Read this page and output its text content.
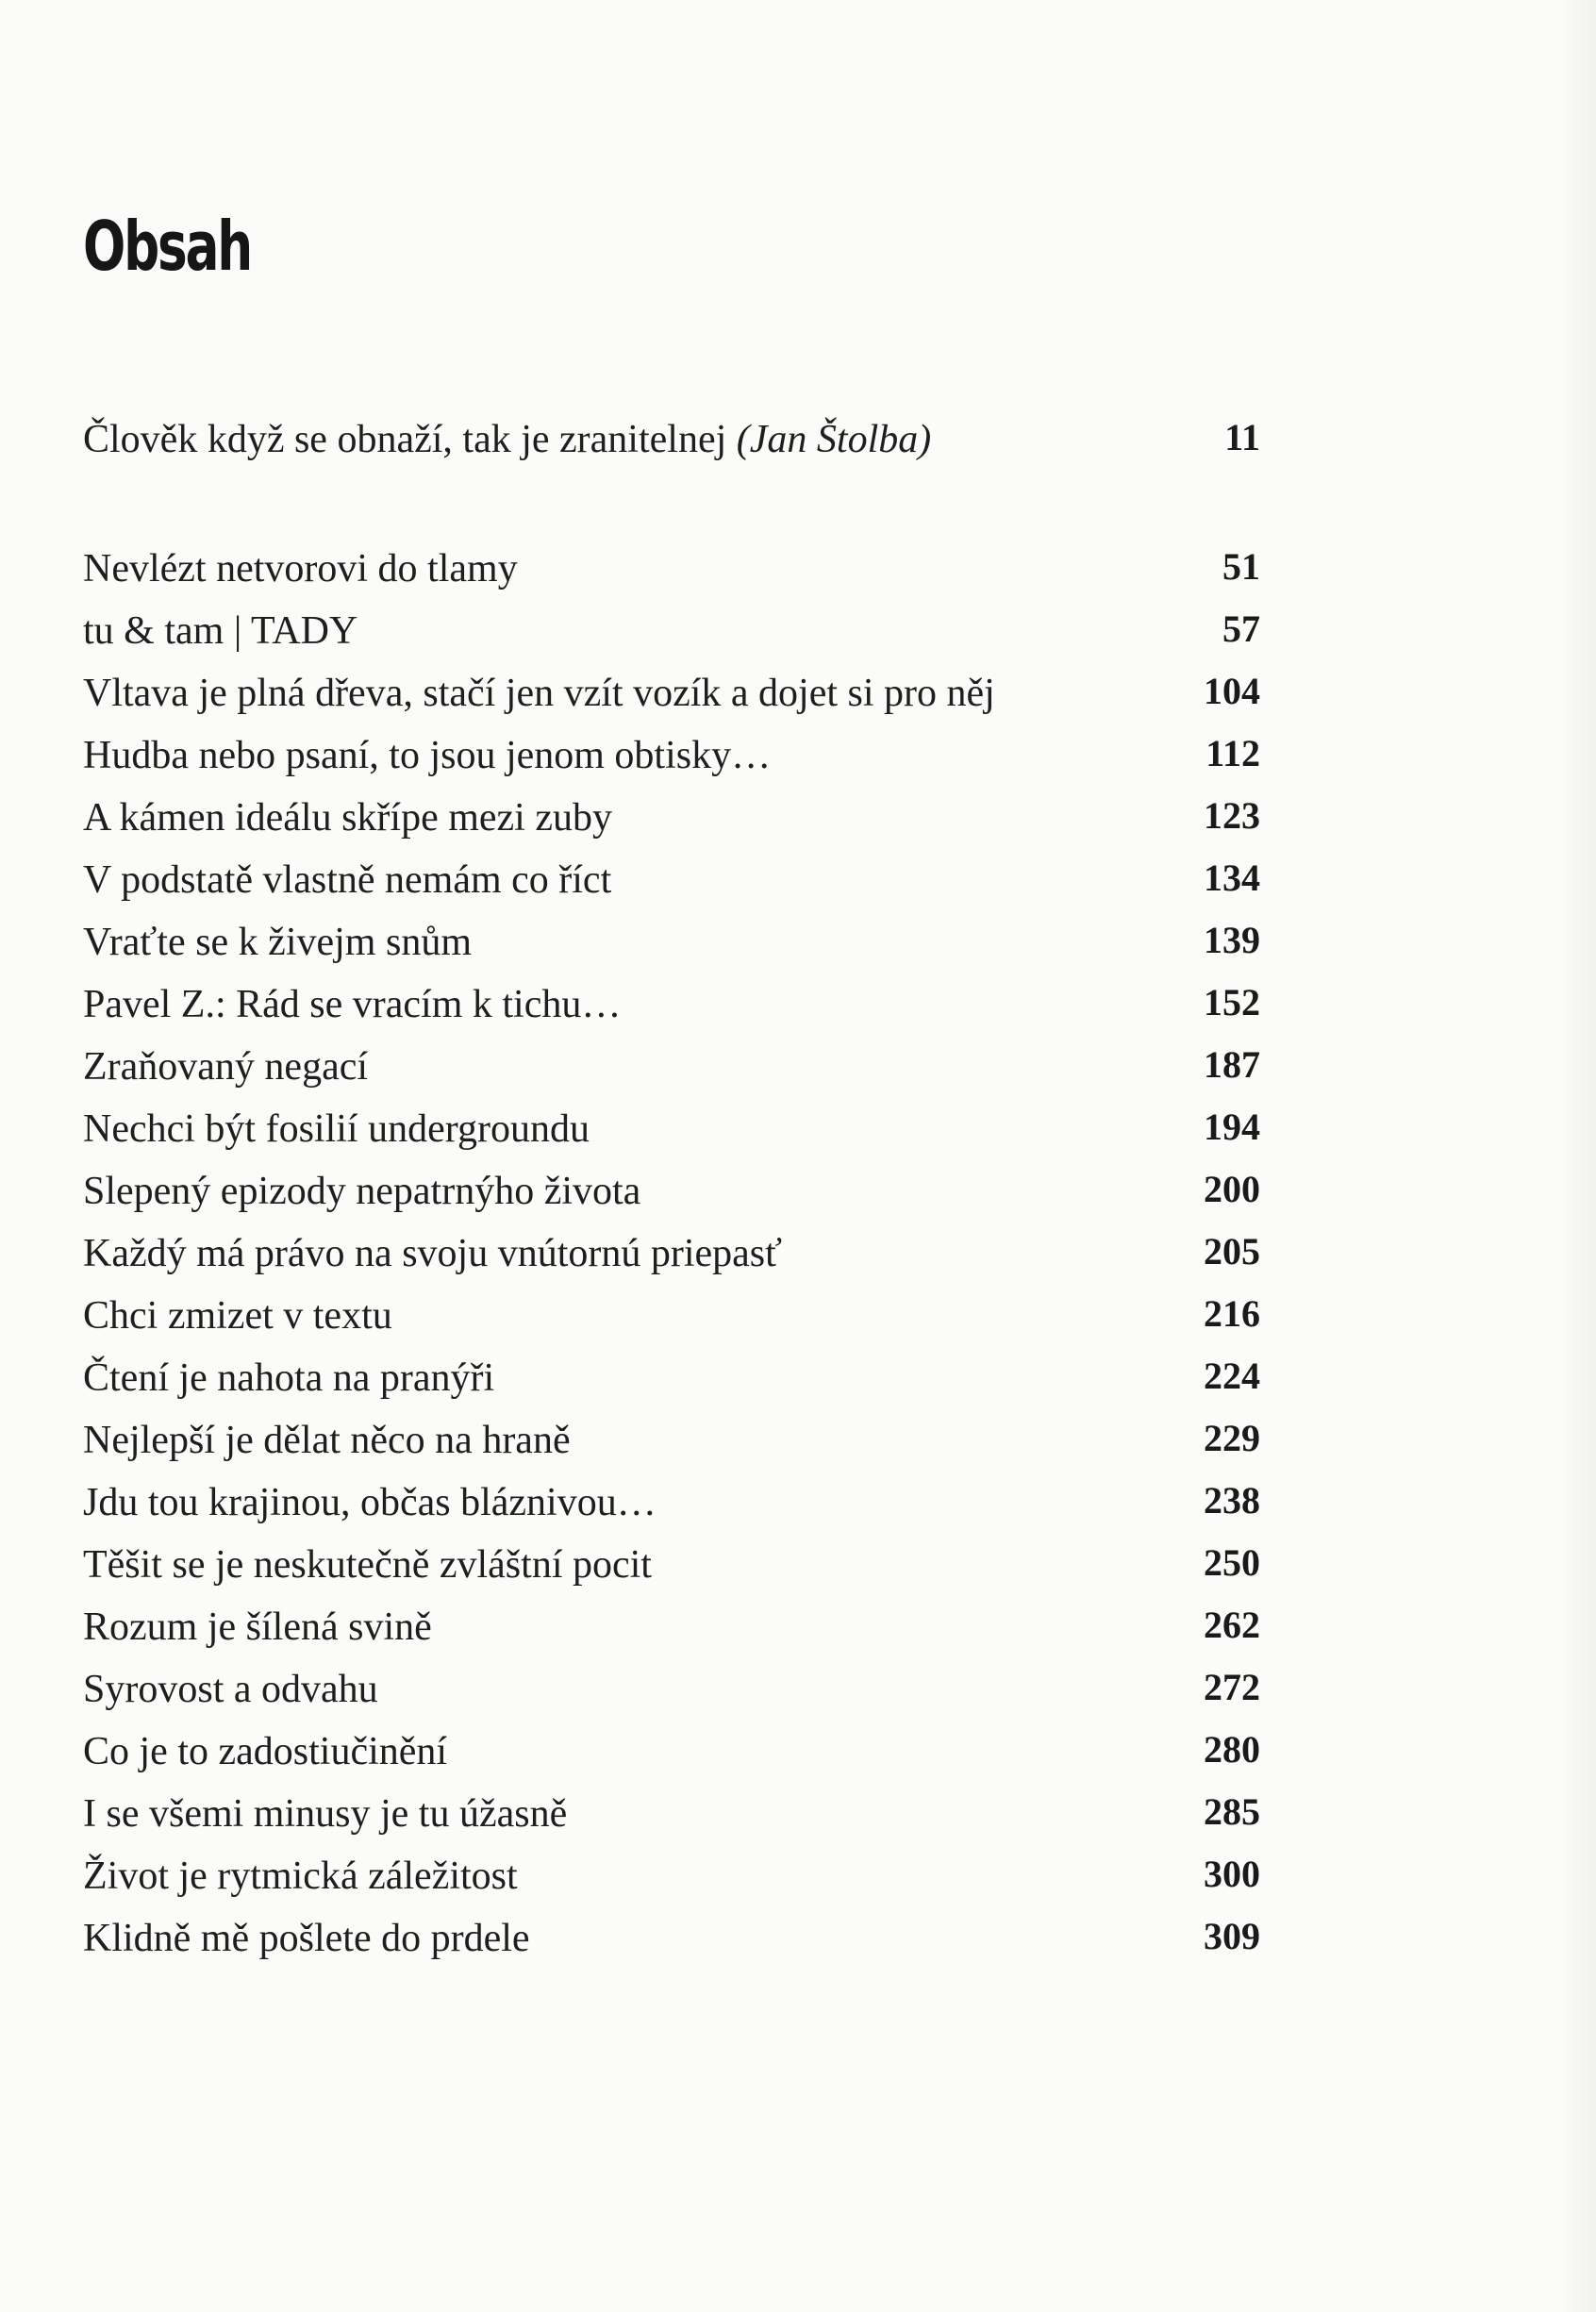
Obsah
Člověk když se obnaží, tak je zranitelnej (Jan Štolba)	11
Nevlézt netvorovi do tlamy	51
tu & tam | TADY	57
Vltava je plná dřeva, stačí jen vzít vozík a dojet si pro něj	104
Hudba nebo psaní, to jsou jenom obtisky…	112
A kámen ideálu skřípe mezi zuby	123
V podstatě vlastně nemám co říct	134
Vraťte se k živejm snům	139
Pavel Z.: Rád se vracím k tichu…	152
Zraňovaný negací	187
Nechci být fosilií undergroundu	194
Slepený epizody nepatrnýho života	200
Každý má právo na svoju vnútornú priepasť	205
Chci zmizet v textu	216
Čtení je nahota na pranýři	224
Nejlepší je dělat něco na hraně	229
Jdu tou krajinou, občas bláznivou…	238
Těšit se je neskutečně zvláštní pocit	250
Rozum je šílená svině	262
Syrovost a odvahu	272
Co je to zadostiučinění	280
I se všemi minusy je tu úžasně	285
Život je rytmická záležitost	300
Klidně mě pošlete do prdele	309
